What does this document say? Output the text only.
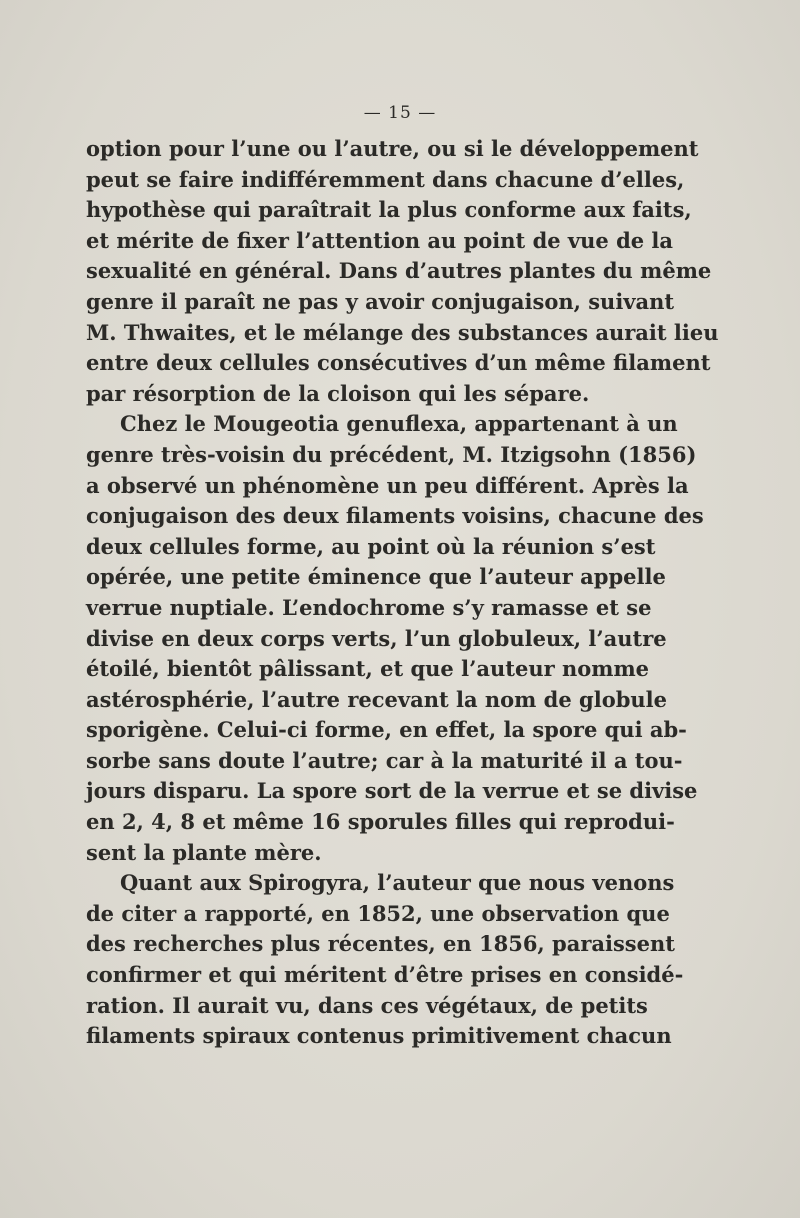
— 15 —

option pour l’une ou l’autre, ou si le développement
peut se faire indifféremment dans chacune d’elles,
hypothèse qui paraîtrait la plus conforme aux faits,
et mérite de fixer l’attention au point de vue de la
sexualité en général. Dans d’autres plantes du même
genre il paraît ne pas y avoir conjugaison, suivant
M. Thwaites, et le mélange des substances aurait lieu
entre deux cellules consécutives d’un même filament
par résorption de la cloison qui les sépare.

Chez le Mougeotia genuflexa, appartenant à un
genre très-voisin du précédent, M. Itzigsohn (1856)
a observé un phénomène un peu différent. Après la
conjugaison des deux filaments voisins, chacune des
deux cellules forme, au point où la réunion s’est
opérée, une petite éminence que l’auteur appelle
verrue nuptiale. L’endochrome s’y ramasse et se
divise en deux corps verts, l’un globuleux, l’autre
étoilé, bientôt pâlissant, et que l’auteur nomme
astérosphérie, l’autre recevant la nom de globule
sporigène. Celui-ci forme, en effet, la spore qui ab-
sorbe sans doute l’autre; car à la maturité il a tou-
jours disparu. La spore sort de la verrue et se divise
en 2, 4, 8 et même 16 sporules filles qui reprodui-
sent la plante mère.

Quant aux Spirogyra, l’auteur que nous venons
de citer a rapporté, en 1852, une observation que
des recherches plus récentes, en 1856, paraissent
confirmer et qui méritent d’être prises en considé-
ration. Il aurait vu, dans ces végétaux, de petits
filaments spiraux contenus primitivement chacun
